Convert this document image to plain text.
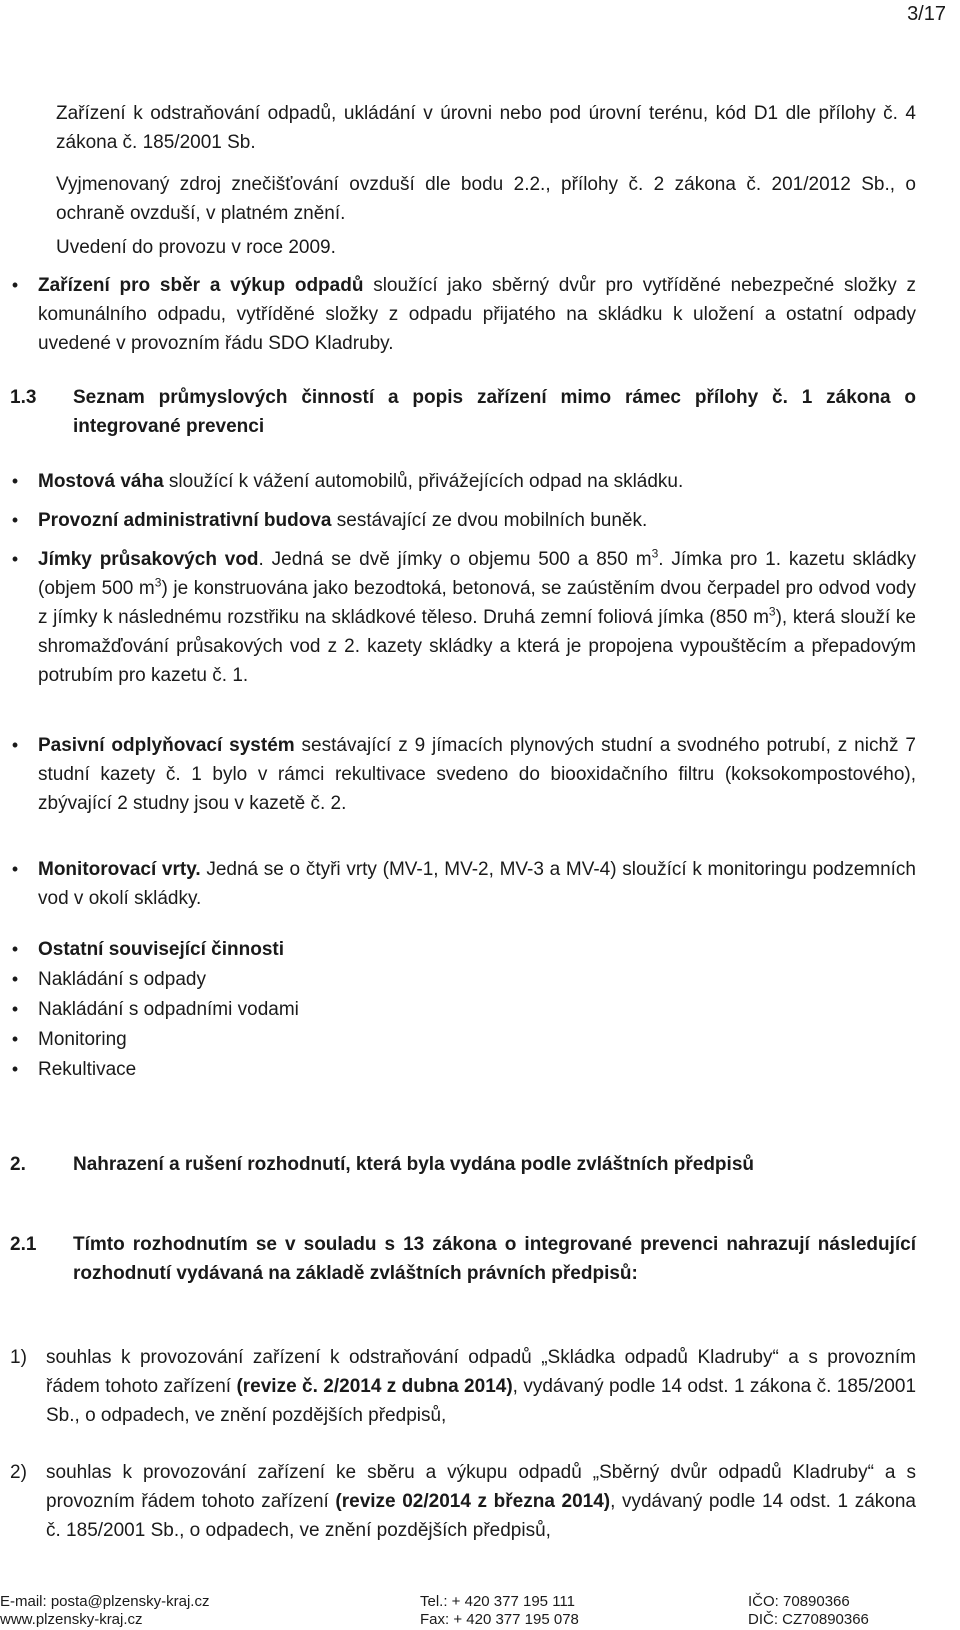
3/17
Zařízení k odstraňování odpadů, ukládání v úrovni nebo pod úrovní terénu, kód D1 dle přílohy č. 4 zákona č. 185/2001 Sb.
Vyjmenovaný zdroj znečišťování ovzduší dle bodu 2.2., přílohy č. 2 zákona č. 201/2012 Sb., o ochraně ovzduší, v platném znění.
Uvedení do provozu v roce 2009.
• Zařízení pro sběr a výkup odpadů sloužící jako sběrný dvůr pro vytříděné nebezpečné složky z komunálního odpadu, vytříděné složky z odpadu přijatého na skládku k uložení a ostatní odpady uvedené v provozním řádu SDO Kladruby.
1.3 Seznam průmyslových činností a popis zařízení mimo rámec přílohy č. 1 zákona o integrované prevenci
• Mostová váha sloužící k vážení automobilů, přivážejících odpad na skládku.
• Provozní administrativní budova sestávající ze dvou mobilních buněk.
• Jímky průsakových vod. Jedná se dvě jímky o objemu 500 a 850 $m^3$. Jímka pro 1. kazetu skládky (objem 500 $m^3$) je konstruována jako bezodtoká, betonová, se zaústěním dvou čerpadel pro odvod vody z jímky k následnému rozstřiku na skládkové těleso. Druhá zemní foliová jímka (850 $m^3$), která slouží ke shromažďování průsakových vod z 2. kazety skládky a která je propojena vypouštěcím a přepadovým potrubím pro kazetu č. 1.
• Pasivní odplyňovací systém sestávající z 9 jímacích plynových studní a svodného potrubí, z nichž 7 studní kazety č. 1 bylo v rámci rekultivace svedeno do biooxidačního filtru (koksokompostového), zbývající 2 studny jsou v kazetě č. 2.
• Monitorovací vrty. Jedná se o čtyři vrty (MV-1, MV-2, MV-3 a MV-4) sloužící k monitoringu podzemních vod v okolí skládky.
• Ostatní související činnosti
• Nakládání s odpady
• Nakládání s odpadními vodami
• Monitoring
• Rekultivace
2. Nahrazení a rušení rozhodnutí, která byla vydána podle zvláštních předpisů
2.1 Tímto rozhodnutím se v souladu s 13 zákona o integrované prevenci nahrazují následující rozhodnutí vydávaná na základě zvláštních právních předpisů:
1) souhlas k provozování zařízení k odstraňování odpadů „Skládka odpadů Kladruby“ a s provozním řádem tohoto zařízení (revize č. 2/2014 z dubna 2014), vydávaný podle 14 odst. 1 zákona č. 185/2001 Sb., o odpadech, ve znění pozdějších předpisů,
2) souhlas k provozování zařízení ke sběru a výkupu odpadů „Sběrný dvůr odpadů Kladruby“ a s provozním řádem tohoto zařízení (revize 02/2014 z března 2014), vydávaný podle 14 odst. 1 zákona č. 185/2001 Sb., o odpadech, ve znění pozdějších předpisů,
E-mail: posta@plzensky-kraj.cz
www.plzensky-kraj.cz
Tel.: + 420 377 195 111
Fax: + 420 377 195 078
IČO: 70890366
DIČ: CZ70890366
